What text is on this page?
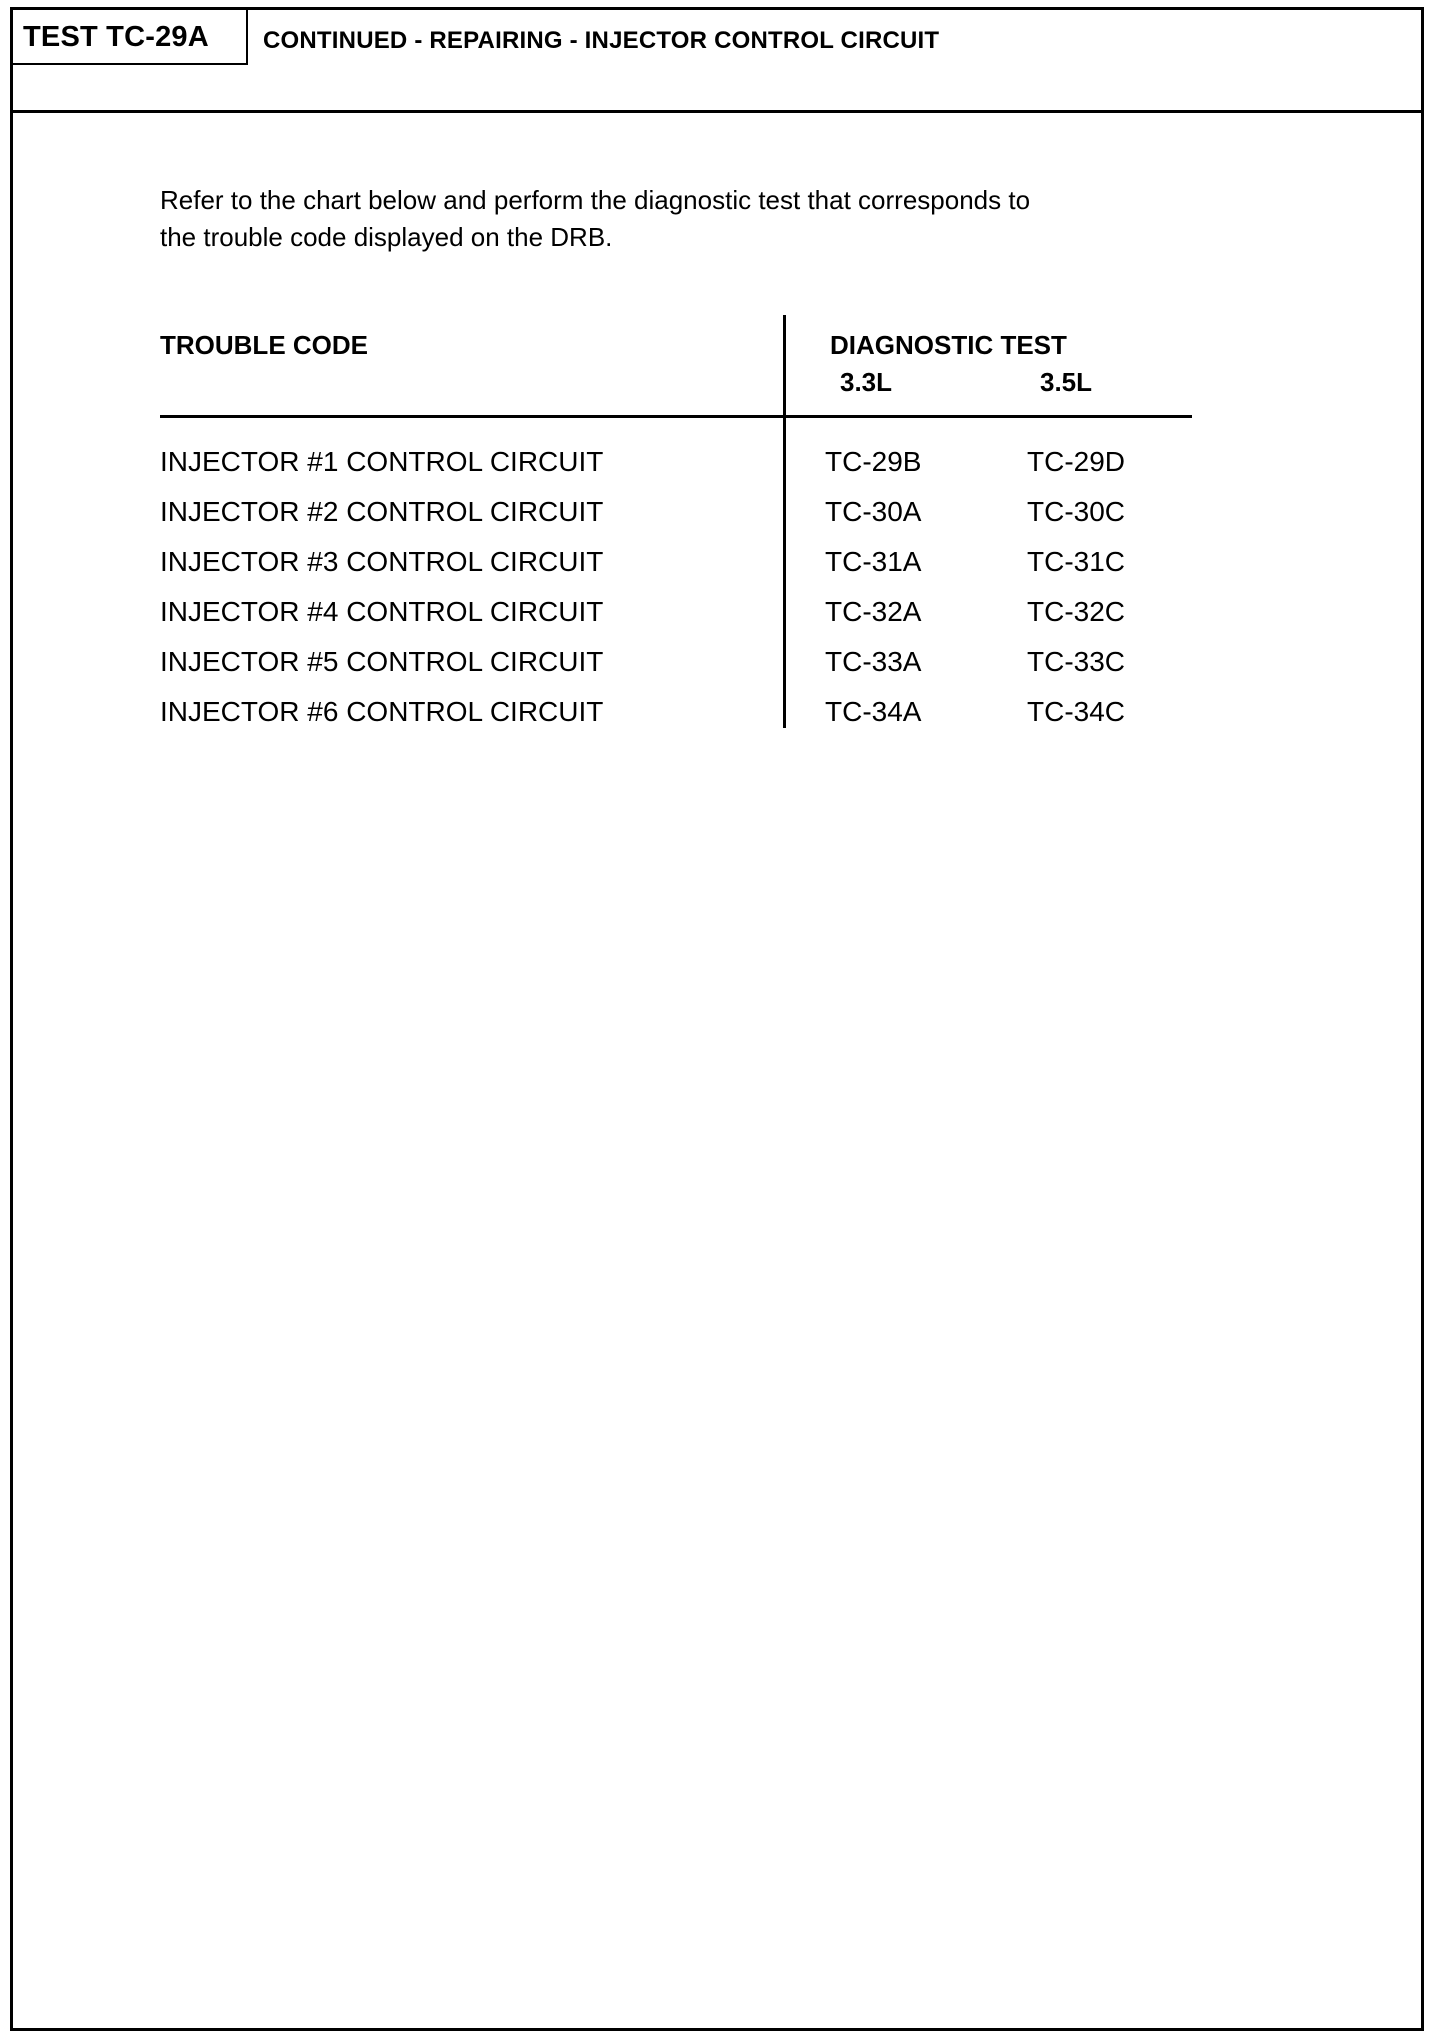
TEST TC-29A	CONTINUED - REPAIRING - INJECTOR CONTROL CIRCUIT
Refer to the chart below and perform the diagnostic test that corresponds to
the trouble code displayed on the DRB.
TROUBLE CODE	DIAGNOSTIC TEST
3.3L	3.5L
INJECTOR #1 CONTROL CIRCUIT	TC-29B	TC-29D
INJECTOR #2 CONTROL CIRCUIT	TC-30A	TC-30C
INJECTOR #3 CONTROL CIRCUIT	TC-31A	TC-31C
INJECTOR #4 CONTROL CIRCUIT	TC-32A	TC-32C
INJECTOR #5 CONTROL CIRCUIT	TC-33A	TC-33C
INJECTOR #6 CONTROL CIRCUIT	TC-34A	TC-34C
